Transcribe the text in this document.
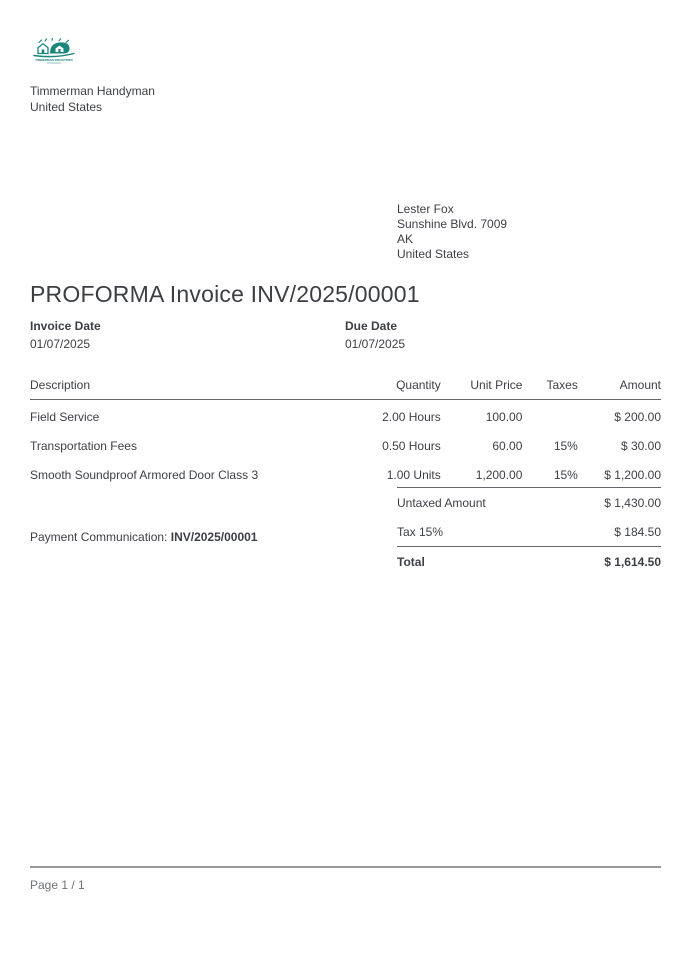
TIMMERMAN INDUSTRIES
Timmerman Handyman
United States
Lester Fox
Sunshine Blvd. 7009
AK
United States
PROFORMA Invoice INV/2025/00001
Invoice Date
01/07/2025
Due Date
01/07/2025
Description	Quantity	Unit Price	Taxes	Amount
Field Service	2.00 Hours	100.00		$ 200.00
Transportation Fees	0.50 Hours	60.00	15%	$ 30.00
Smooth Soundproof Armored Door Class 3	1.00 Units	1,200.00	15%	$ 1,200.00
Payment Communication: INV/2025/00001
Untaxed Amount	$ 1,430.00
Tax 15%	$ 184.50
Total	$ 1,614.50
Page 1 / 1
